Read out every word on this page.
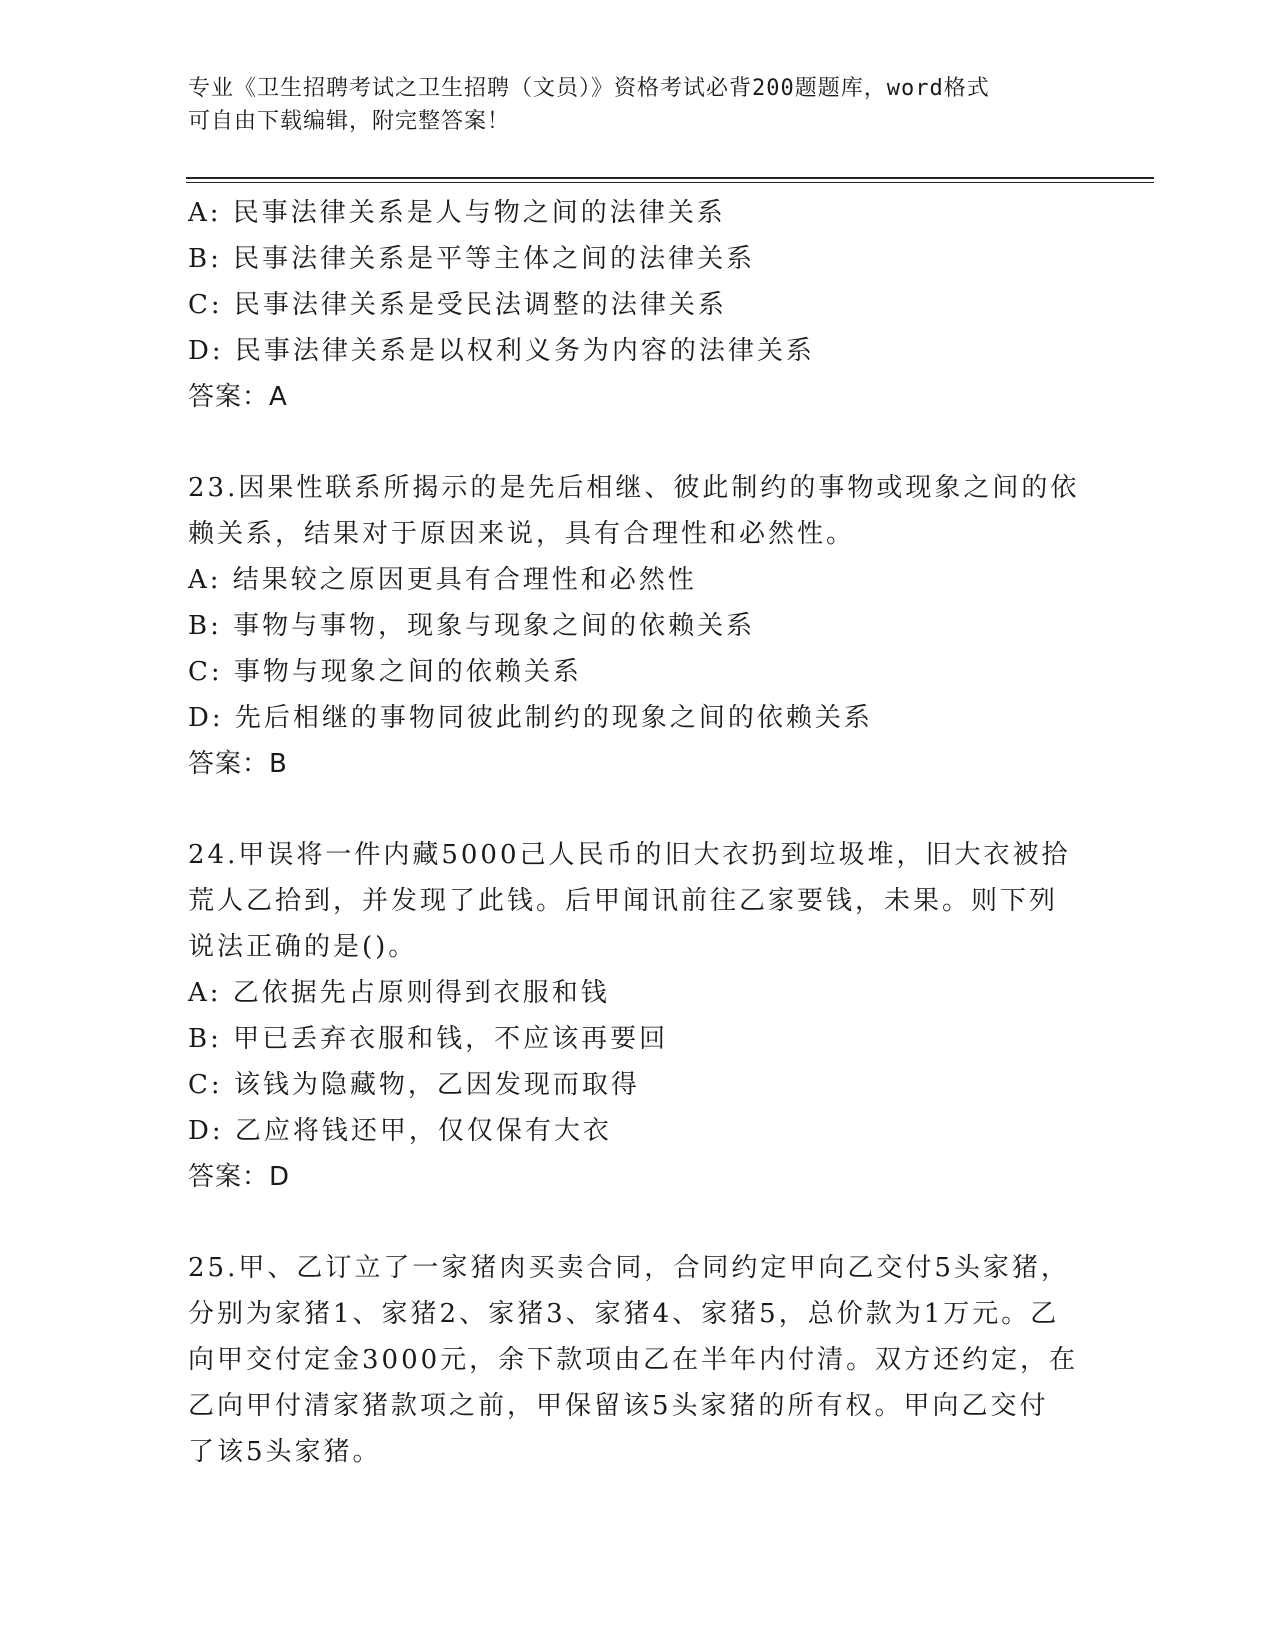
专业《卫生招聘考试之卫生招聘（文员）》资格考试必背200题题库，word格式
可自由下载编辑，附完整答案！
A: 民事法律关系是人与物之间的法律关系
B: 民事法律关系是平等主体之间的法律关系
C: 民事法律关系是受民法调整的法律关系
D: 民事法律关系是以权利义务为内容的法律关系
答案：A
23.因果性联系所揭示的是先后相继、彼此制约的事物或现象之间的依
赖关系，结果对于原因来说，具有合理性和必然性。
A: 结果较之原因更具有合理性和必然性
B: 事物与事物，现象与现象之间的依赖关系
C: 事物与现象之间的依赖关系
D: 先后相继的事物同彼此制约的现象之间的依赖关系
答案：B
24.甲误将一件内藏5000己人民币的旧大衣扔到垃圾堆，旧大衣被拾
荒人乙拾到，并发现了此钱。后甲闻讯前往乙家要钱，未果。则下列
说法正确的是()。
A: 乙依据先占原则得到衣服和钱
B: 甲已丢弃衣服和钱，不应该再要回
C: 该钱为隐藏物，乙因发现而取得
D: 乙应将钱还甲，仅仅保有大衣
答案：D
25.甲、乙订立了一家猪肉买卖合同，合同约定甲向乙交付5头家猪，
分别为家猪1、家猪2、家猪3、家猪4、家猪5，总价款为1万元。乙
向甲交付定金3000元，余下款项由乙在半年内付清。双方还约定，在
乙向甲付清家猪款项之前，甲保留该5头家猪的所有权。甲向乙交付
了该5头家猪。
